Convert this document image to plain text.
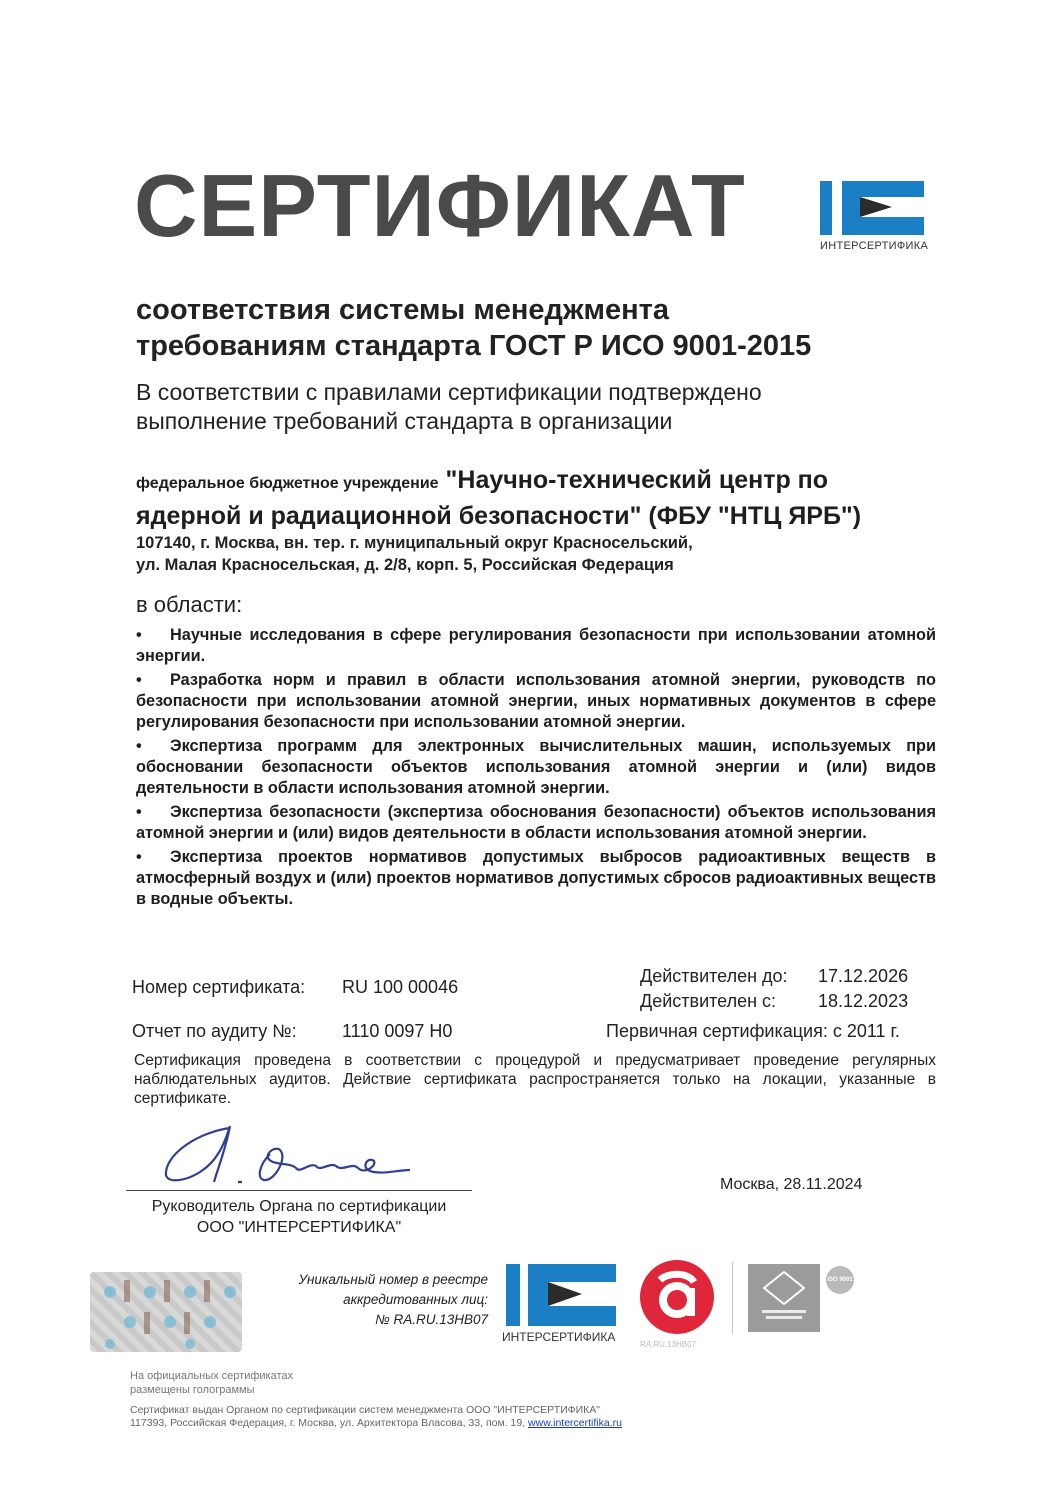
СЕРТИФИКАТ	ИНТЕРСЕРТИФИКА
соответствия системы менеджмента
требованиям стандарта ГОСТ Р ИСО 9001-2015
В соответствии с правилами сертификации подтверждено
выполнение требований стандарта в организации
федеральное бюджетное учреждение "Научно-технический центр по ядерной и радиационной безопасности" (ФБУ "НТЦ ЯРБ")
107140, г. Москва, вн. тер. г. муниципальный округ Красносельский,
ул. Малая Красносельская, д. 2/8, корп. 5, Российская Федерация
в области:
• Научные исследования в сфере регулирования безопасности при использовании атомной энергии.
• Разработка норм и правил в области использования атомной энергии, руководств по безопасности при использовании атомной энергии, иных нормативных документов в сфере регулирования безопасности при использовании атомной энергии.
• Экспертиза программ для электронных вычислительных машин, используемых при обосновании безопасности объектов использования атомной энергии и (или) видов деятельности в области использования атомной энергии.
• Экспертиза безопасности (экспертиза обоснования безопасности) объектов использования атомной энергии и (или) видов деятельности в области использования атомной энергии.
• Экспертиза проектов нормативов допустимых выбросов радиоактивных веществ в атмосферный воздух и (или) проектов нормативов допустимых сбросов радиоактивных веществ в водные объекты.
Номер сертификата: RU 100 00046
Действителен до: 17.12.2026
Действителен с: 18.12.2023
Отчет по аудиту №:	1110 0097 Н0	Первичная сертификация: с 2011 г.
Сертификация проведена в соответствии с процедурой и предусматривает проведение регулярных наблюдательных аудитов. Действие сертификата распространяется только на локации, указанные в сертификате.
Руководитель Органа по сертификации
ООО "ИНТЕРСЕРТИФИКА"
Москва, 28.11.2024
Уникальный номер в реестре
аккредитованных лиц:
№ RA.RU.13НВ07
ИНТЕРСЕРТИФИКА
RA.RU.13НВ07
ISO 9001
На официальных сертификатах
размещены голограммы
Сертификат выдан Органом по сертификации систем менеджмента ООО "ИНТЕРСЕРТИФИКА"
117393, Российская Федерация, г. Москва, ул. Архитектора Власова, 33, пом. 19, www.intercertifika.ru
